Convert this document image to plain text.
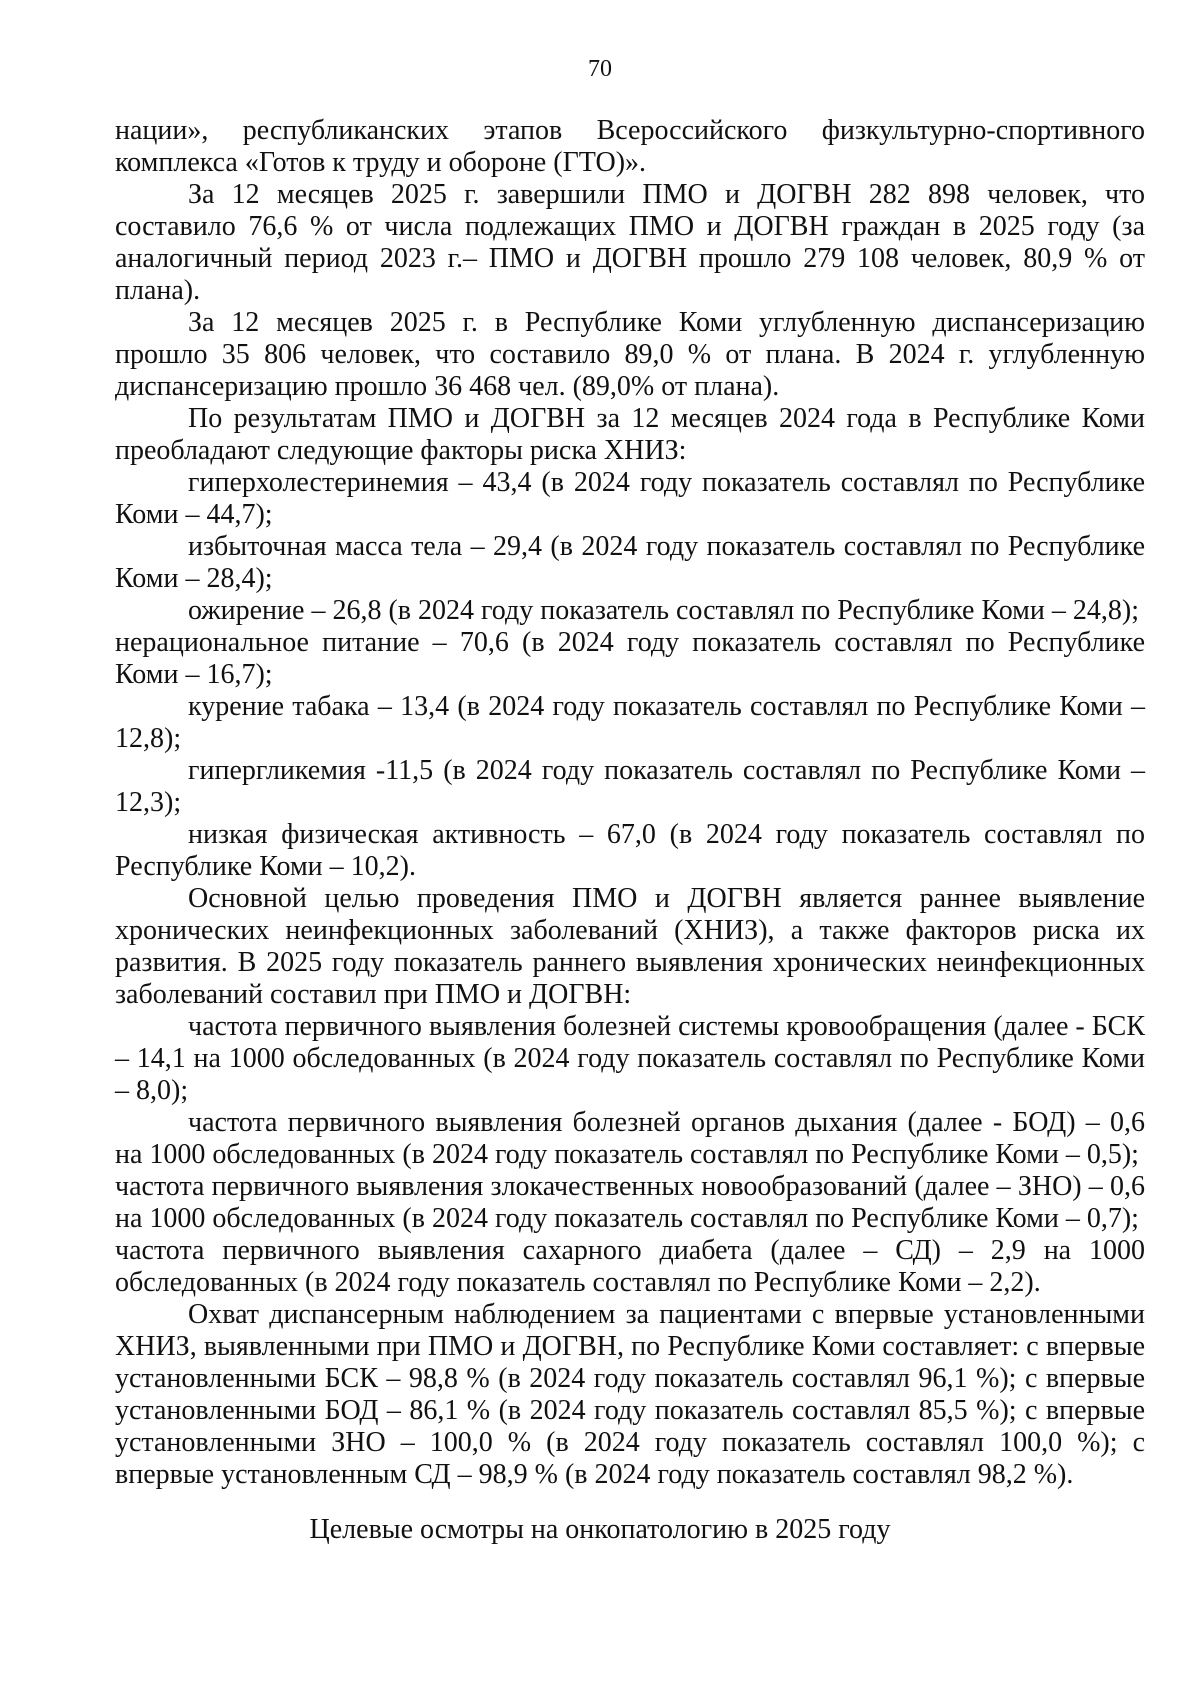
70

нации», республиканских этапов Всероссийского физкультурно-спортивного комплекса «Готов к труду и обороне (ГТО)».

За 12 месяцев 2025 г. завершили ПМО и ДОГВН 282 898 человек, что составило 76,6 % от числа подлежащих ПМО и ДОГВН граждан в 2025 году (за аналогичный период 2023 г.– ПМО и ДОГВН прошло 279 108 человек, 80,9 % от плана).

За 12 месяцев 2025 г. в Республике Коми углубленную диспансеризацию прошло 35 806 человек, что составило 89,0 % от плана. В 2024 г. углубленную диспансеризацию прошло 36 468 чел. (89,0% от плана).

По результатам ПМО и ДОГВН за 12 месяцев 2024 года в Республике Коми преобладают следующие факторы риска ХНИЗ:

гиперхолестеринемия – 43,4 (в 2024 году показатель составлял по Республике Коми – 44,7);

избыточная масса тела – 29,4 (в 2024 году показатель составлял по Республике Коми – 28,4);

ожирение – 26,8 (в 2024 году показатель составлял по Республике Коми – 24,8);

нерациональное питание – 70,6 (в 2024 году показатель составлял по Республике Коми – 16,7);

курение табака – 13,4 (в 2024 году показатель составлял по Республике Коми – 12,8);

гипергликемия -11,5 (в 2024 году показатель составлял по Республике Коми – 12,3);

низкая физическая активность – 67,0 (в 2024 году показатель составлял по Республике Коми – 10,2).

Основной целью проведения ПМО и ДОГВН является раннее выявление хронических неинфекционных заболеваний (ХНИЗ), а также факторов риска их развития. В 2025 году показатель раннего выявления хронических неинфекционных заболеваний составил при ПМО и ДОГВН:

частота первичного выявления болезней системы кровообращения (далее - БСК – 14,1 на 1000 обследованных (в 2024 году показатель составлял по Республике Коми – 8,0);

частота первичного выявления болезней органов дыхания (далее - БОД) – 0,6 на 1000 обследованных (в 2024 году показатель составлял по Республике Коми – 0,5);

частота первичного выявления злокачественных новообразований (далее – ЗНО) – 0,6 на 1000 обследованных (в 2024 году показатель составлял по Республике Коми – 0,7);

частота первичного выявления сахарного диабета (далее – СД) – 2,9 на 1000 обследованных (в 2024 году показатель составлял по Республике Коми – 2,2).

Охват диспансерным наблюдением за пациентами с впервые установленными ХНИЗ, выявленными при ПМО и ДОГВН, по Республике Коми составляет: с впервые установленными БСК – 98,8 % (в 2024 году показатель составлял 96,1 %); с впервые установленными БОД – 86,1 % (в 2024 году показатель составлял 85,5 %); с впервые установленными ЗНО – 100,0 % (в 2024 году показатель составлял 100,0 %); с впервые установленным СД – 98,9 % (в 2024 году показатель составлял 98,2 %).

Целевые осмотры на онкопатологию в 2025 году
